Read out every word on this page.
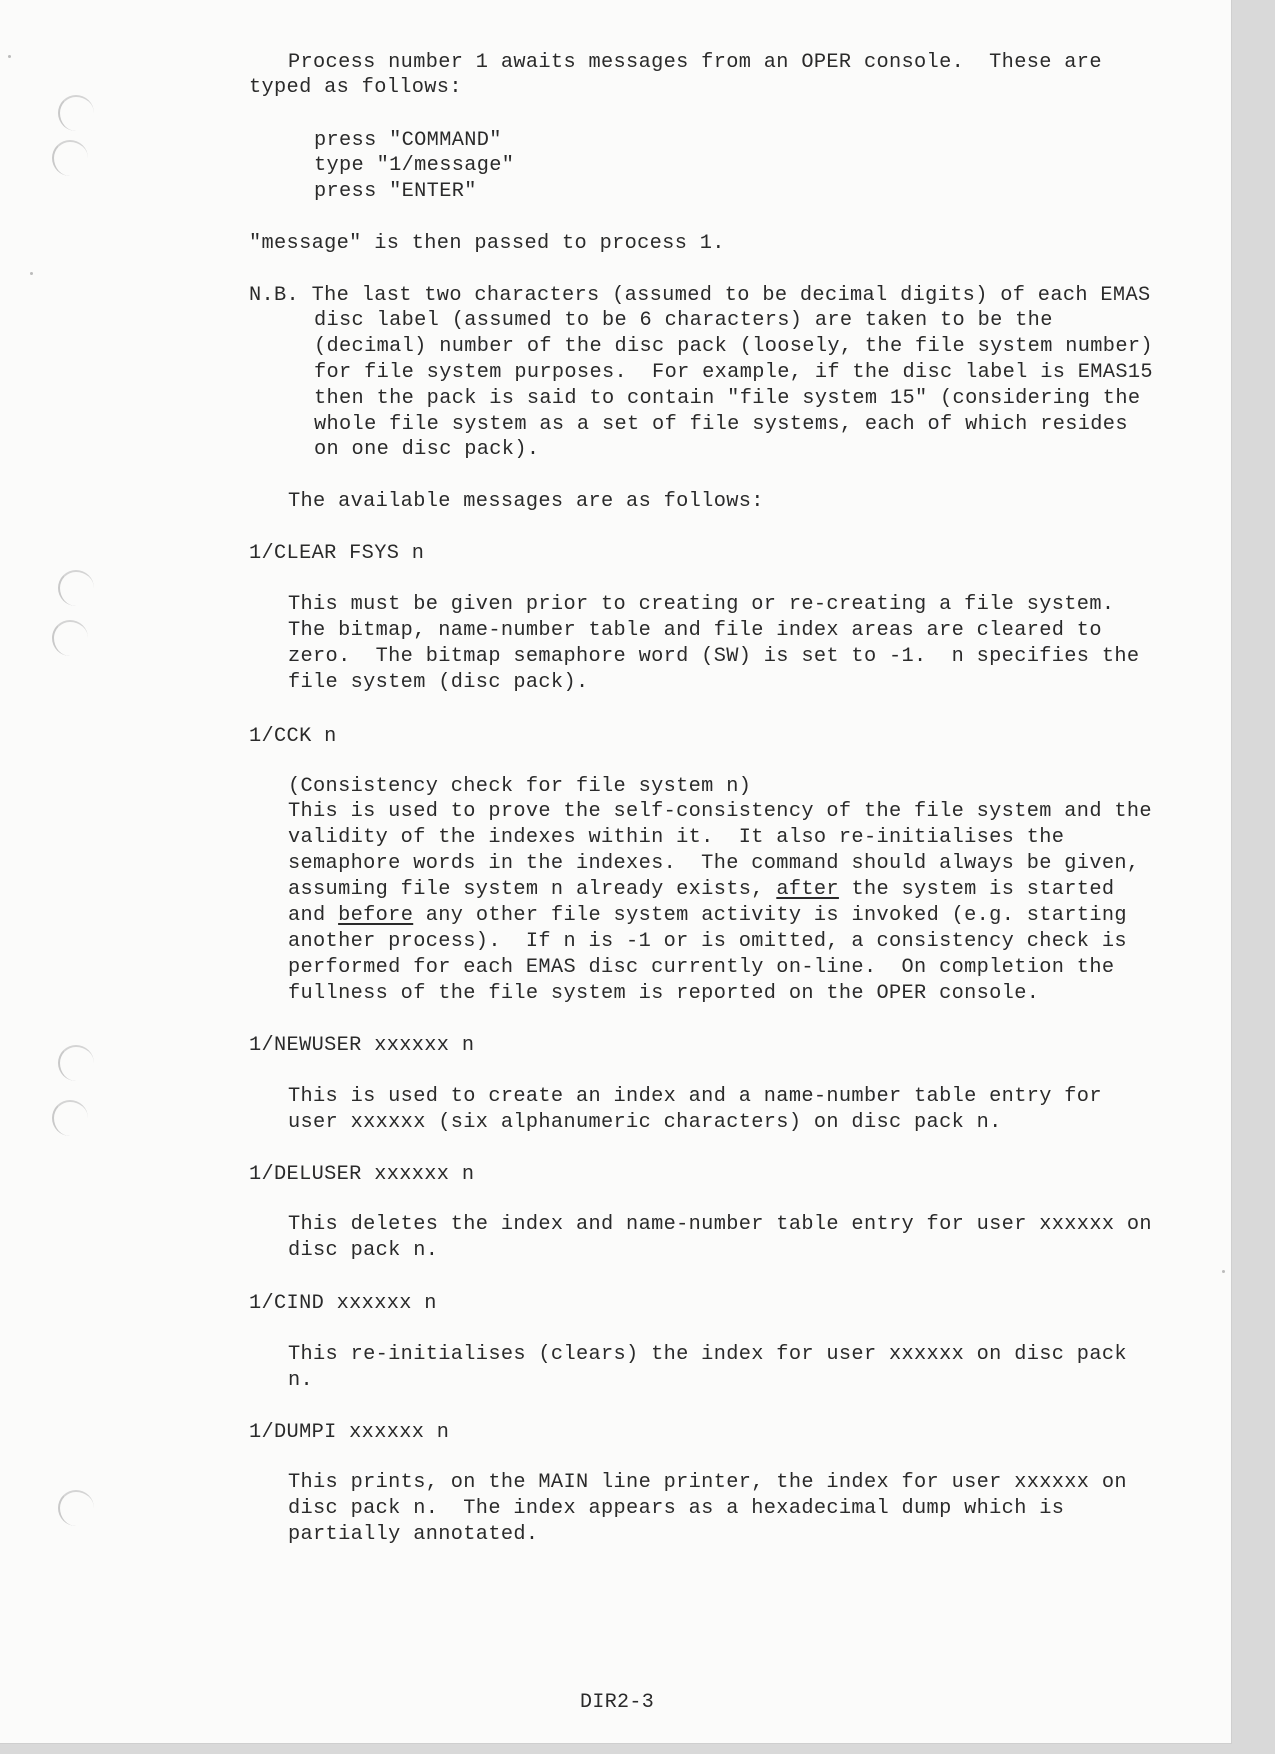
Process number 1 awaits messages from an OPER console.  These are
typed as follows:
press "COMMAND"
type "1/message"
press "ENTER"
"message" is then passed to process 1.
N.B. The last two characters (assumed to be decimal digits) of each EMAS
disc label (assumed to be 6 characters) are taken to be the
(decimal) number of the disc pack (loosely, the file system number)
for file system purposes.  For example, if the disc label is EMAS15
then the pack is said to contain "file system 15" (considering the
whole file system as a set of file systems, each of which resides
on one disc pack).
The available messages are as follows:
1/CLEAR FSYS n
This must be given prior to creating or re-creating a file system.
The bitmap, name-number table and file index areas are cleared to
zero.  The bitmap semaphore word (SW) is set to -1.  n specifies the
file system (disc pack).
1/CCK n
(Consistency check for file system n)
This is used to prove the self-consistency of the file system and the
validity of the indexes within it.  It also re-initialises the
semaphore words in the indexes.  The command should always be given,
assuming file system n already exists, after the system is started
and before any other file system activity is invoked (e.g. starting
another process).  If n is -1 or is omitted, a consistency check is
performed for each EMAS disc currently on-line.  On completion the
fullness of the file system is reported on the OPER console.
1/NEWUSER xxxxxx n
This is used to create an index and a name-number table entry for
user xxxxxx (six alphanumeric characters) on disc pack n.
1/DELUSER xxxxxx n
This deletes the index and name-number table entry for user xxxxxx on
disc pack n.
1/CIND xxxxxx n
This re-initialises (clears) the index for user xxxxxx on disc pack
n.
1/DUMPI xxxxxx n
This prints, on the MAIN line printer, the index for user xxxxxx on
disc pack n.  The index appears as a hexadecimal dump which is
partially annotated.
DIR2-3
